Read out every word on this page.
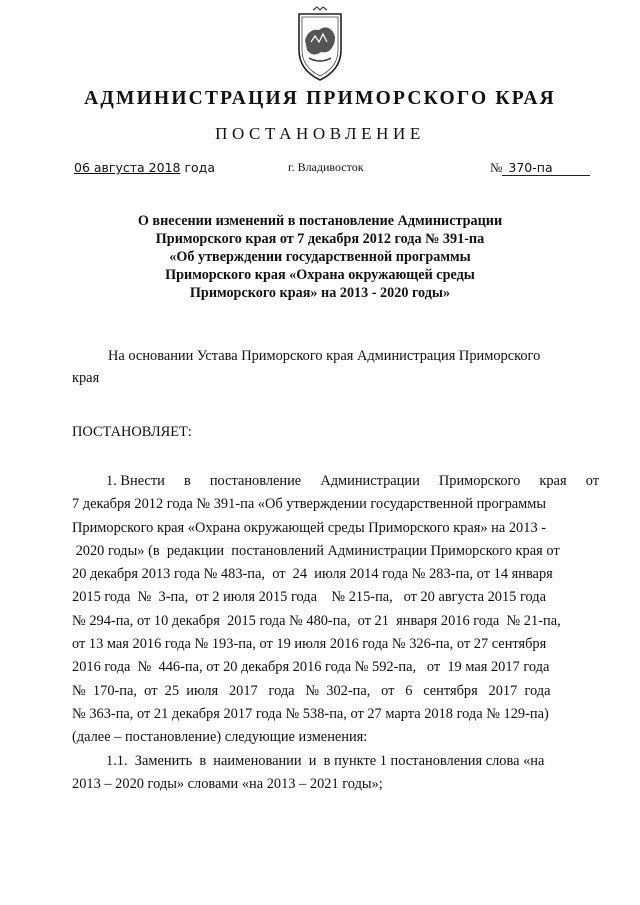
АДМИНИСТРАЦИЯ ПРИМОРСКОГО КРАЯ
ПОСТАНОВЛЕНИЕ
06 августа 2018 года	г. Владивосток	№ 370-па
О внесении изменений в постановление Администрации
Приморского края от 7 декабря 2012 года № 391-па
«Об утверждении государственной программы
Приморского края «Охрана окружающей среды
Приморского края» на 2013 - 2020 годы»
На основании Устава Приморского края Администрация Приморского
края
ПОСТАНОВЛЯЕТ:
1. Внести в постановление Администрации Приморского края от
7 декабря 2012 года № 391-па «Об утверждении государственной программы
Приморского края «Охрана окружающей среды Приморского края» на 2013 -
2020 годы» (в  редакции  постановлений Администрации Приморского края от
20 декабря 2013 года № 483-па,  от  24  июля 2014 года № 283-па, от 14 января
2015 года  №  3-па,  от 2 июля 2015 года    № 215-па,   от 20 августа 2015 года
№ 294-па, от 10 декабря  2015 года № 480-па,  от 21  января 2016 года  № 21-па,
от 13 мая 2016 года № 193-па, от 19 июля 2016 года № 326-па, от 27 сентября
2016 года  №  446-па, от 20 декабря 2016 года № 592-па,   от  19 мая 2017 года
№  170-па,  от  25  июля   2017   года   №  302-па,   от   6   сентября   2017  года
№ 363-па, от 21 декабря 2017 года № 538-па, от 27 марта 2018 года № 129-па)
(далее – постановление) следующие изменения:
1.1.  Заменить  в  наименовании  и  в пункте 1 постановления слова «на
2013 – 2020 годы» словами «на 2013 – 2021 годы»;
